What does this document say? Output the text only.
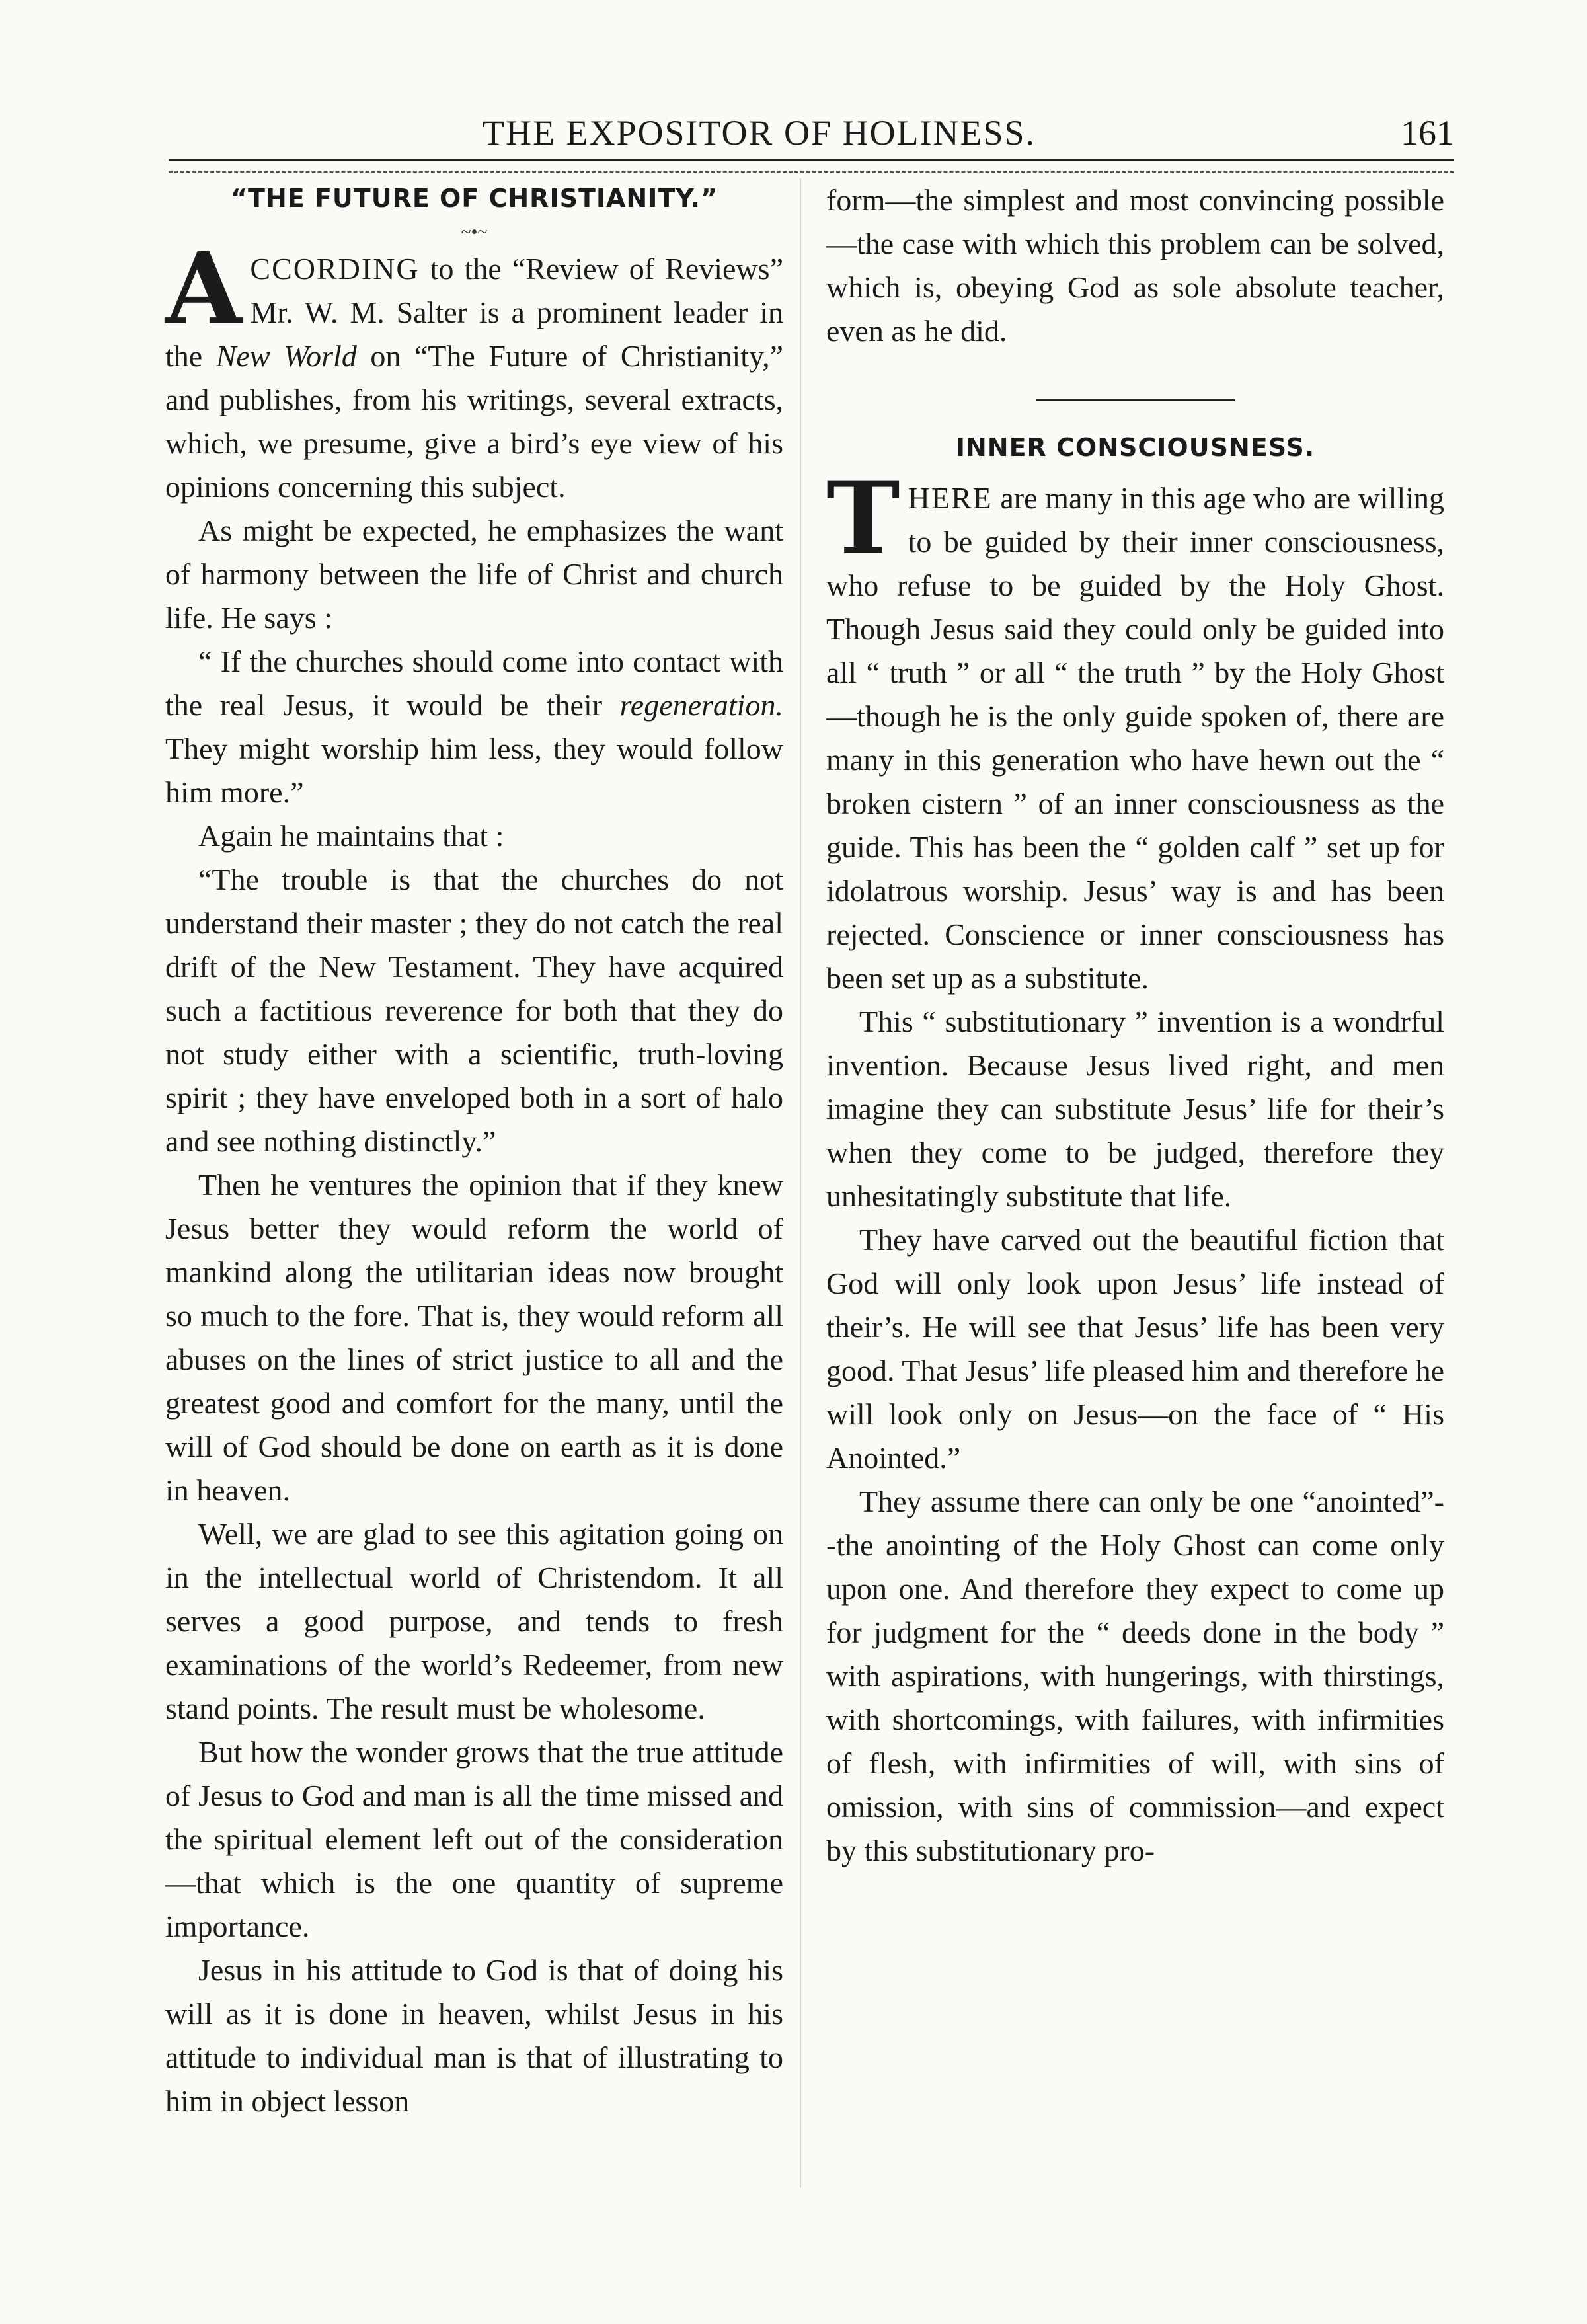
THE EXPOSITOR OF HOLINESS.	161
“THE FUTURE OF CHRISTIANITY.”
~•~

ACCORDING to the “Review of Reviews” Mr. W. M. Salter is a prominent leader in the New World on “The Future of Christianity,” and publishes, from his writings, several extracts, which, we presume, give a bird’s eye view of his opinions concerning this subject.

As might be expected, he emphasizes the want of harmony between the life of Christ and church life. He says :

“ If the churches should come into contact with the real Jesus, it would be their regeneration. They might worship him less, they would follow him more.”

Again he maintains that :

“The trouble is that the churches do not understand their master ; they do not catch the real drift of the New Testament. They have acquired such a factitious reverence for both that they do not study either with a scientific, truth-loving spirit ; they have enveloped both in a sort of halo and see nothing distinctly.”

Then he ventures the opinion that if they knew Jesus better they would reform the world of mankind along the utilitarian ideas now brought so much to the fore. That is, they would reform all abuses on the lines of strict justice to all and the greatest good and comfort for the many, until the will of God should be done on earth as it is done in heaven.

Well, we are glad to see this agitation going on in the intellectual world of Christendom. It all serves a good purpose, and tends to fresh examinations of the world’s Redeemer, from new stand points. The result must be wholesome.

But how the wonder grows that the true attitude of Jesus to God and man is all the time missed and the spiritual element left out of the consideration—that which is the one quantity of supreme importance.

Jesus in his attitude to God is that of doing his will as it is done in heaven, whilst Jesus in his attitude to individual man is that of illustrating to him in object lesson

form—the simplest and most convincing possible—the case with which this problem can be solved, which is, obeying God as sole absolute teacher, even as he did.

INNER CONSCIOUSNESS.

THERE are many in this age who are willing to be guided by their inner consciousness, who refuse to be guided by the Holy Ghost. Though Jesus said they could only be guided into all “ truth ” or all “ the truth ” by the Holy Ghost—though he is the only guide spoken of, there are many in this generation who have hewn out the “ broken cistern ” of an inner consciousness as the guide. This has been the “ golden calf ” set up for idolatrous worship. Jesus’ way is and has been rejected. Conscience or inner consciousness has been set up as a substitute.

This “ substitutionary ” invention is a wondrful invention. Because Jesus lived right, and men imagine they can substitute Jesus’ life for their’s when they come to be judged, therefore they unhesitatingly substitute that life.

They have carved out the beautiful fiction that God will only look upon Jesus’ life instead of their’s. He will see that Jesus’ life has been very good. That Jesus’ life pleased him and therefore he will look only on Jesus—on the face of “ His Anointed.”

They assume there can only be one “anointed”--the anointing of the Holy Ghost can come only upon one. And therefore they expect to come up for judgment for the “ deeds done in the body ” with aspirations, with hungerings, with thirstings, with shortcomings, with failures, with infirmities of flesh, with infirmities of will, with sins of omission, with sins of commission—and expect by this substitutionary pro-
